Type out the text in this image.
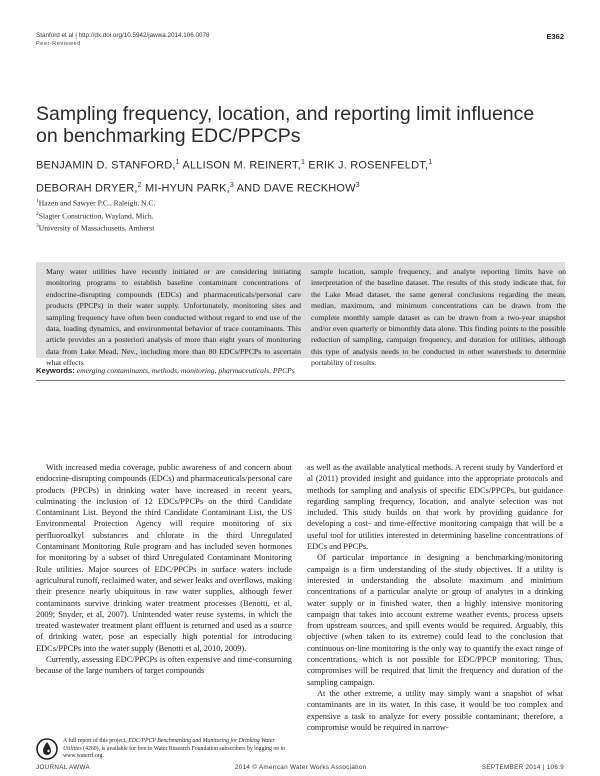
Stanford et al | http://dx.doi.org/10.5942/jawwa.2014.106.0078
Peer-Reviewed
E362
Sampling frequency, location, and reporting limit influence on benchmarking EDC/PPCPs
BENJAMIN D. STANFORD,$^1$ ALLISON M. REINERT,$^1$ ERIK J. ROSENFELDT,$^1$
DEBORAH DRYER,$^2$ MI-HYUN PARK,$^3$ AND DAVE RECKHOW$^3$
$^1$Hazen and Sawyer P.C., Raleigh, N.C.
$^2$Slagter Construction, Wayland, Mich.
$^3$University of Massachusetts, Amherst
Many water utilities have recently initiated or are considering initiating monitoring programs to establish baseline contaminant concentrations of endocrine-disrupting compounds (EDCs) and pharmaceuticals/personal care products (PPCPs) in their water supply. Unfortunately, monitoring sites and sampling frequency have often been conducted without regard to end use of the data, loading dynamics, and environmental behavior of trace contaminants. This article provides an a posteriori analysis of more than eight years of monitoring data from Lake Mead, Nev., including more than 80 EDCs/PPCPs to ascertain what effects
sample location, sample frequency, and analyte reporting limits have on interpretation of the baseline dataset. The results of this study indicate that, for the Lake Mead dataset, the same general conclusions regarding the mean, median, maximum, and minimum concentrations can be drawn from the complete monthly sample dataset as can be drawn from a two-year snapshot and/or even quarterly or bimonthly data alone. This finding points to the possible reduction of sampling, campaign frequency, and duration for utilities, although this type of analysis needs to be conducted in other watersheds to determine portability of results.
Keywords: emerging contaminants, methods, monitoring, pharmaceuticals, PPCPs

With increased media coverage, public awareness of and concern about endocrine-disrupting compounds (EDCs) and pharmaceuticals/personal care products (PPCPs) in drinking water have increased in recent years, culminating the inclusion of 12 EDCs/PPCPs on the third Candidate Contaminant List. Beyond the third Candidate Contaminant List, the US Environmental Protection Agency will require monitoring of six perfluoroalkyl substances and chlorate in the third Unregulated Contaminant Monitoring Rule program and has included seven hormones for monitoring by a subset of third Unregulated Contaminant Monitoring Rule utilities. Major sources of EDC/PPCPs in surface waters include agricultural runoff, reclaimed water, and sewer leaks and overflows, making their presence nearly ubiquitous in raw water supplies, although fewer contaminants survive drinking water treatment processes (Benotti, et al, 2009; Snyder, et al, 2007). Unintended water reuse systems, in which the treated wastewater treatment plant effluent is returned and used as a source of drinking water, pose an especially high potential for introducing EDCs/PPCPs into the water supply (Benotti et al, 2010, 2009).

Currently, assessing EDC/PPCPs is often expensive and time-consuming because of the large numbers of target compounds

as well as the available analytical methods. A recent study by Vanderford et al (2011) provided insight and guidance into the appropriate protocols and methods for sampling and analysis of specific EDCs/PPCPs, but guidance regarding sampling frequency, location, and analyte selection was not included. This study builds on that work by providing guidance for developing a cost- and time-effective monitoring campaign that will be a useful tool for utilities interested in determining baseline concentrations of EDCs and PPCPs.

Of particular importance in designing a benchmarking/monitoring campaign is a firm understanding of the study objectives. If a utility is interested in understanding the absolute maximum and minimum concentrations of a particular analyte or group of analytes in a drinking water supply or in finished water, then a highly intensive monitoring campaign that takes into account extreme weather events, process upsets from upstream sources, and spill events would be required. Arguably, this objective (when taken to its extreme) could lead to the conclusion that continuous on-line monitoring is the only way to quantify the exact range of concentrations, which is not possible for EDC/PPCP monitoring. Thus, compromises will be required that limit the frequency and duration of the sampling campaign.

At the other extreme, a utility may simply want a snapshot of what contaminants are in its water. In this case, it would be too complex and expensive a task to analyze for every possible contaminant; therefore, a compromise would be required in narrow-

A full report of this project, EDC/PPCP Benchmarking and Monitoring for Drinking Water Utilities (4260), is available for free to Water Research Foundation subscribers by logging on to www.waterrf.org.
JOURNAL AWWA	2014 © American Water Works Association	SEPTEMBER 2014 | 106:9
